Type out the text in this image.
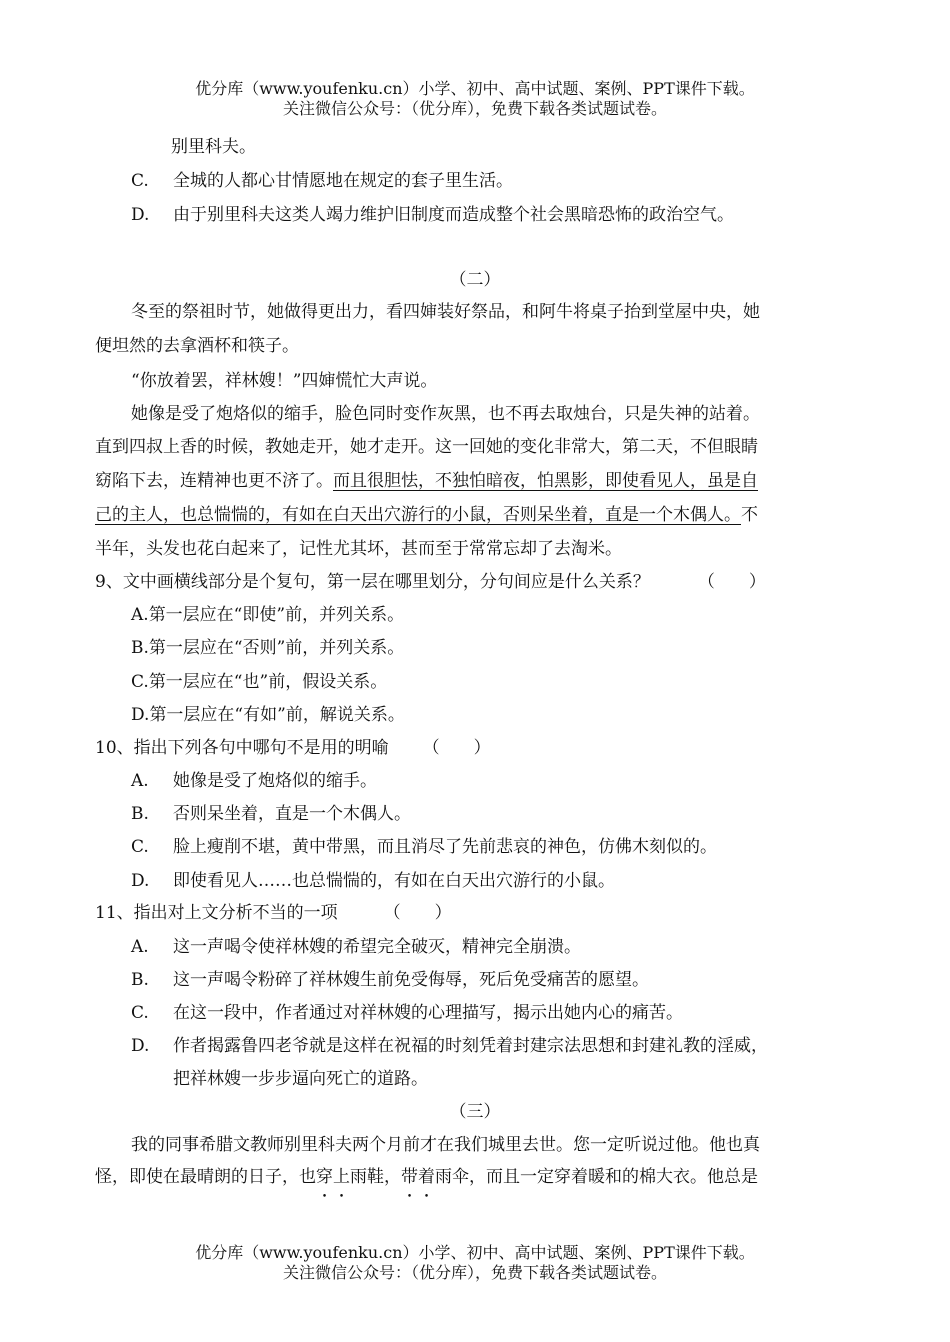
优分库（www.youfenku.cn）小学、初中、高中试题、案例、PPT课件下载。
关注微信公众号：（优分库），免费下载各类试题试卷。
别里科夫。
C. 全城的人都心甘情愿地在规定的套子里生活。
D. 由于别里科夫这类人竭力维护旧制度而造成整个社会黑暗恐怖的政治空气。
（二）
冬至的祭祖时节，她做得更出力，看四婶装好祭品，和阿牛将桌子抬到堂屋中央，她
便坦然的去拿酒杯和筷子。
“你放着罢，祥林嫂！”四婶慌忙大声说。
她像是受了炮烙似的缩手，脸色同时变作灰黑，也不再去取烛台，只是失神的站着。
直到四叔上香的时候，教她走开，她才走开。这一回她的变化非常大，第二天，不但眼睛
窈陷下去，连精神也更不济了。而且很胆怯，不独怕暗夜，怕黑影，即使看见人，虽是自
己的主人，也总惴惴的，有如在白天出穴游行的小鼠，否则呆坐着，直是一个木偶人。不
半年，头发也花白起来了，记性尤其坏，甚而至于常常忘却了去淘米。
9、文中画横线部分是个复句，第一层在哪里划分，分句间应是什么关系？	（　　）
A.第一层应在“即使”前，并列关系。
B.第一层应在“否则”前，并列关系。
C.第一层应在“也”前，假设关系。
D.第一层应在“有如”前，解说关系。
10、指出下列各句中哪句不是用的明喻 （　　）
A. 她像是受了炮烙似的缩手。
B. 否则呆坐着，直是一个木偶人。
C. 脸上瘦削不堪，黄中带黑，而且消尽了先前悲哀的神色，仿佛木刻似的。
D. 即使看见人……也总惴惴的，有如在白天出穴游行的小鼠。
11、指出对上文分析不当的一项	（　　）
A. 这一声喝令使祥林嫂的希望完全破灭，精神完全崩溃。
B. 这一声喝令粉碎了祥林嫂生前免受侮辱，死后免受痛苦的愿望。
C. 在这一段中，作者通过对祥林嫂的心理描写，揭示出她内心的痛苦。
D. 作者揭露鲁四老爷就是这样在祝福的时刻凭着封建宗法思想和封建礼教的淫威，
把祥林嫂一步步逼向死亡的道路。
（三）
我的同事希腊文教师别里科夫两个月前才在我们城里去世。您一定听说过他。他也真
怪，即使在最晴朗的日子，也穿上雨鞋，带着雨伞，而且一定穿着暖和的棉大衣。他总是
优分库（www.youfenku.cn）小学、初中、高中试题、案例、PPT课件下载。
关注微信公众号：（优分库），免费下载各类试题试卷。
